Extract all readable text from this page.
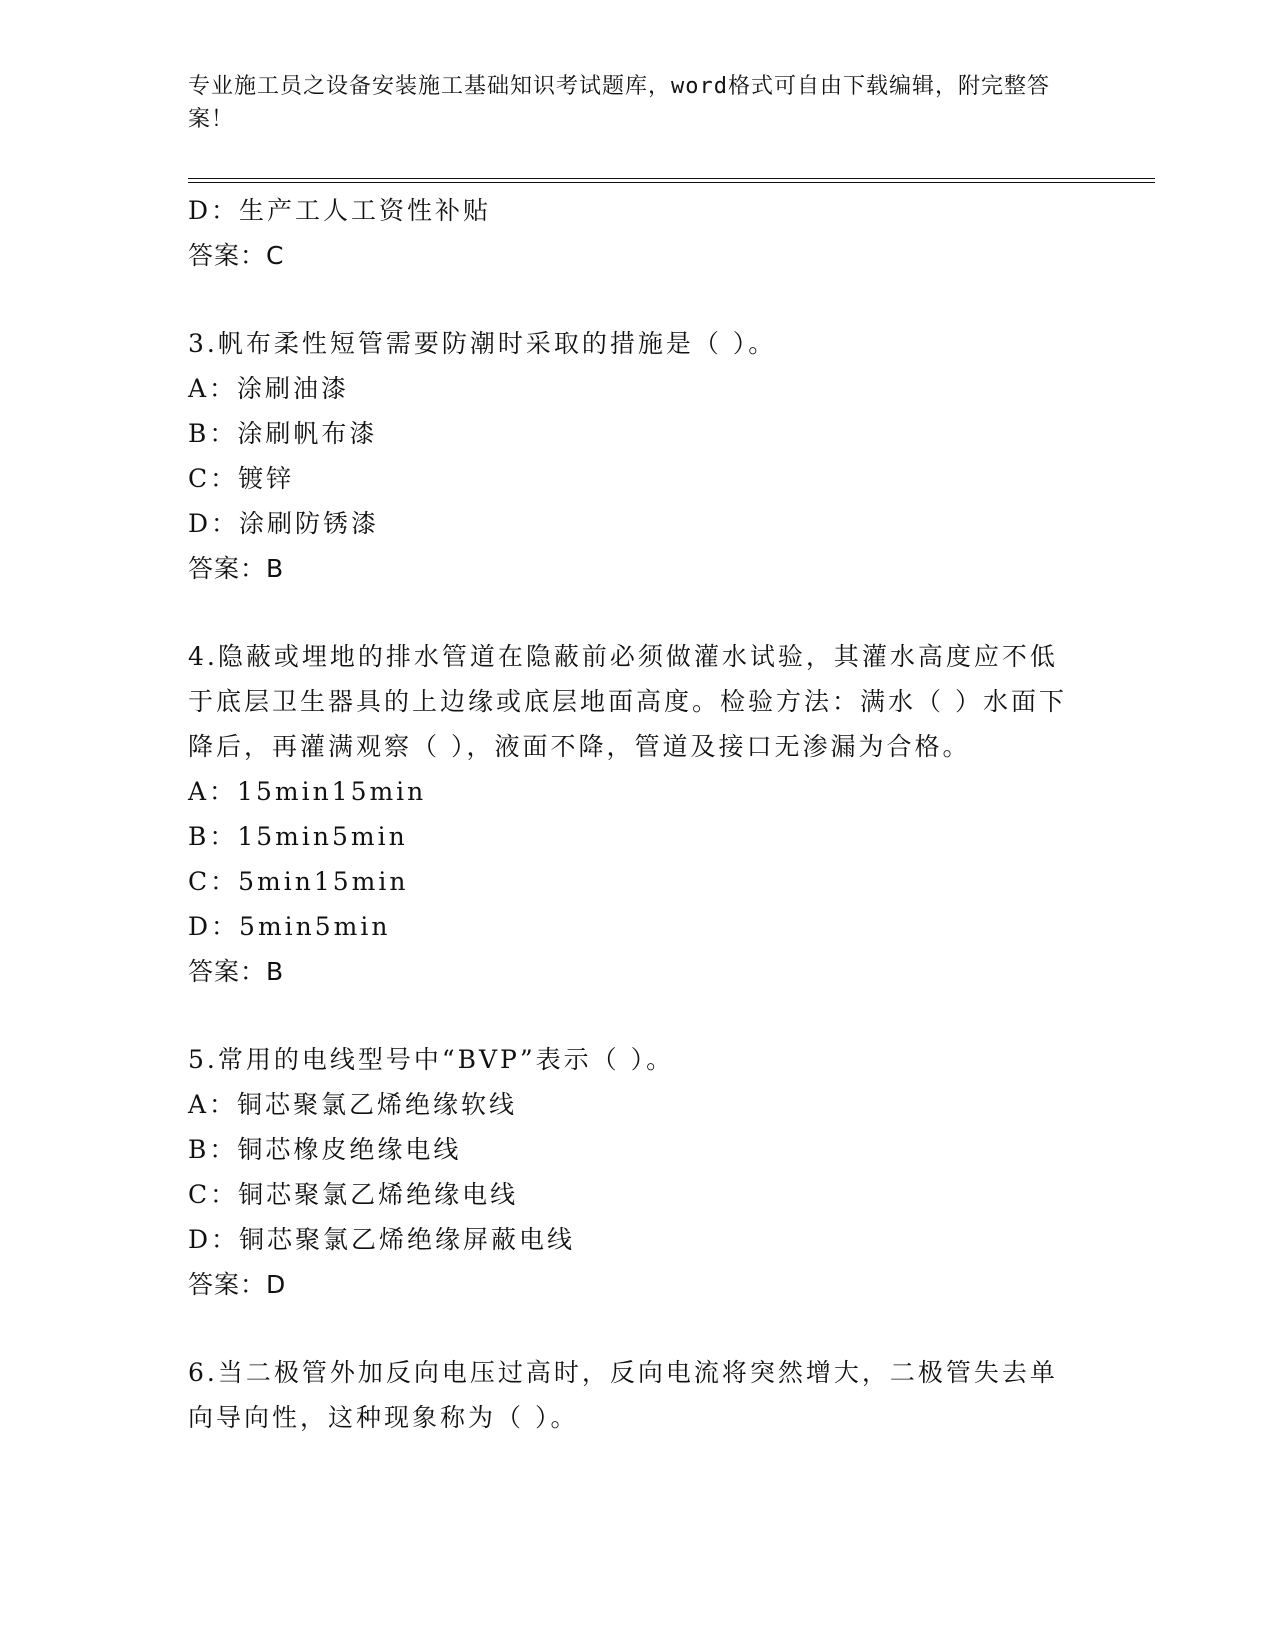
专业施工员之设备安装施工基础知识考试题库，word格式可自由下载编辑，附完整答案！
D：生产工人工资性补贴
答案：C
3.帆布柔性短管需要防潮时采取的措施是（ ）。
A：涂刷油漆
B：涂刷帆布漆
C：镀锌
D：涂刷防锈漆
答案：B
4.隐蔽或埋地的排水管道在隐蔽前必须做灌水试验，其灌水高度应不低于底层卫生器具的上边缘或底层地面高度。检验方法：满水（ ）水面下降后，再灌满观察（ ），液面不降，管道及接口无渗漏为合格。
A：15min15min
B：15min5min
C：5min15min
D：5min5min
答案：B
5.常用的电线型号中“BVP”表示（ ）。
A：铜芯聚氯乙烯绝缘软线
B：铜芯橡皮绝缘电线
C：铜芯聚氯乙烯绝缘电线
D：铜芯聚氯乙烯绝缘屏蔽电线
答案：D
6.当二极管外加反向电压过高时，反向电流将突然增大，二极管失去单向导向性，这种现象称为（ ）。
